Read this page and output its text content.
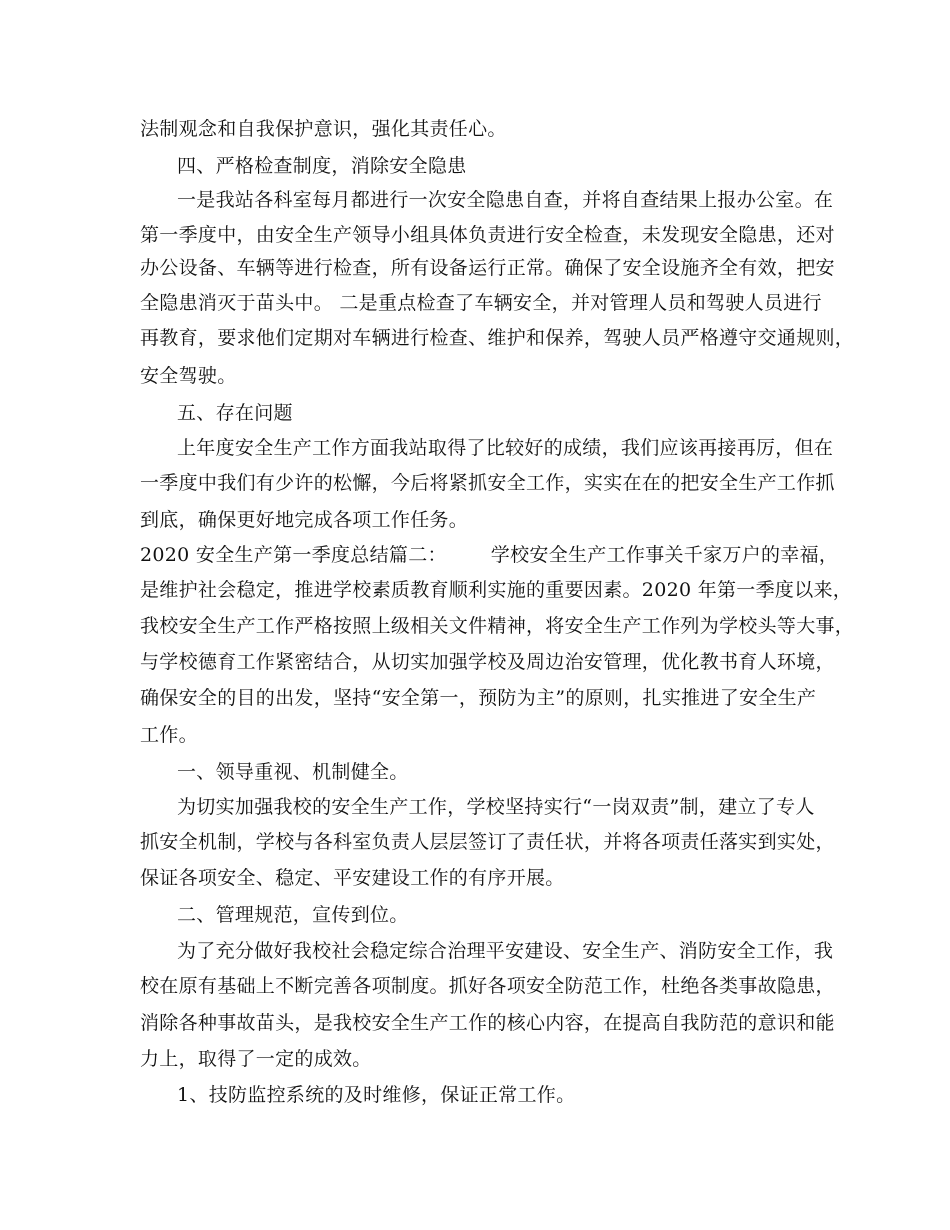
法制观念和自我保护意识，强化其责任心。
四、严格检查制度，消除安全隐患
一是我站各科室每月都进行一次安全隐患自查，并将自查结果上报办公室。在
第一季度中，由安全生产领导小组具体负责进行安全检查，未发现安全隐患，还对
办公设备、车辆等进行检查，所有设备运行正常。确保了安全设施齐全有效，把安
全隐患消灭于苗头中。 二是重点检查了车辆安全，并对管理人员和驾驶人员进行
再教育，要求他们定期对车辆进行检查、维护和保养，驾驶人员严格遵守交通规则，
安全驾驶。
五、存在问题
上年度安全生产工作方面我站取得了比较好的成绩，我们应该再接再厉，但在
一季度中我们有少许的松懈，今后将紧抓安全工作，实实在在的把安全生产工作抓
到底，确保更好地完成各项工作任务。
2020 安全生产第一季度总结篇二： 学校安全生产工作事关千家万户的幸福，
是维护社会稳定，推进学校素质教育顺利实施的重要因素。2020 年第一季度以来，
我校安全生产工作严格按照上级相关文件精神，将安全生产工作列为学校头等大事，
与学校德育工作紧密结合，从切实加强学校及周边治安管理，优化教书育人环境，
确保安全的目的出发，坚持“安全第一，预防为主”的原则，扎实推进了安全生产
工作。
一、领导重视、机制健全。
为切实加强我校的安全生产工作，学校坚持实行“一岗双责”制，建立了专人
抓安全机制，学校与各科室负责人层层签订了责任状，并将各项责任落实到实处，
保证各项安全、稳定、平安建设工作的有序开展。
二、管理规范，宣传到位。
为了充分做好我校社会稳定综合治理平安建设、安全生产、消防安全工作，我
校在原有基础上不断完善各项制度。抓好各项安全防范工作，杜绝各类事故隐患，
消除各种事故苗头，是我校安全生产工作的核心内容，在提高自我防范的意识和能
力上，取得了一定的成效。
1、技防监控系统的及时维修，保证正常工作。
